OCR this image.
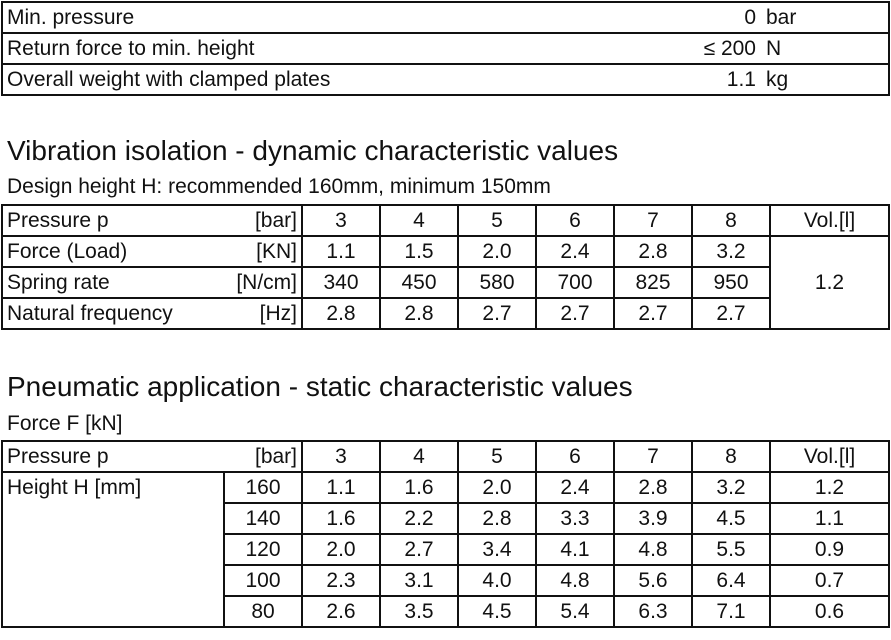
Min. pressure	0	bar
Return force to min. height	≤ 200	N
Overall weight with clamped plates	1.1	kg
Vibration isolation - dynamic characteristic values
Design height H: recommended 160mm, minimum 150mm
Pressure p [bar]	3	4	5	6	7	8	Vol.[l]

Force (Load) [KN]	1.1	1.5	2.0	2.4	2.8	3.2	1.2

Spring rate [N/cm]	340	450	580	700	825	950	

Natural frequency [Hz]	2.8	2.8	2.7	2.7	2.7	2.7	
Pneumatic application - static characteristic values
Force F [kN]
Pressure p [bar]		3	4	5	6	7	8	Vol.[l]
Height H [mm]	160	1.1	1.6	2.0	2.4	2.8	3.2	1.2
	140	1.6	2.2	2.8	3.3	3.9	4.5	1.1
	120	2.0	2.7	3.4	4.1	4.8	5.5	0.9
	100	2.3	3.1	4.0	4.8	5.6	6.4	0.7
	80	2.6	3.5	4.5	5.4	6.3	7.1	0.6
